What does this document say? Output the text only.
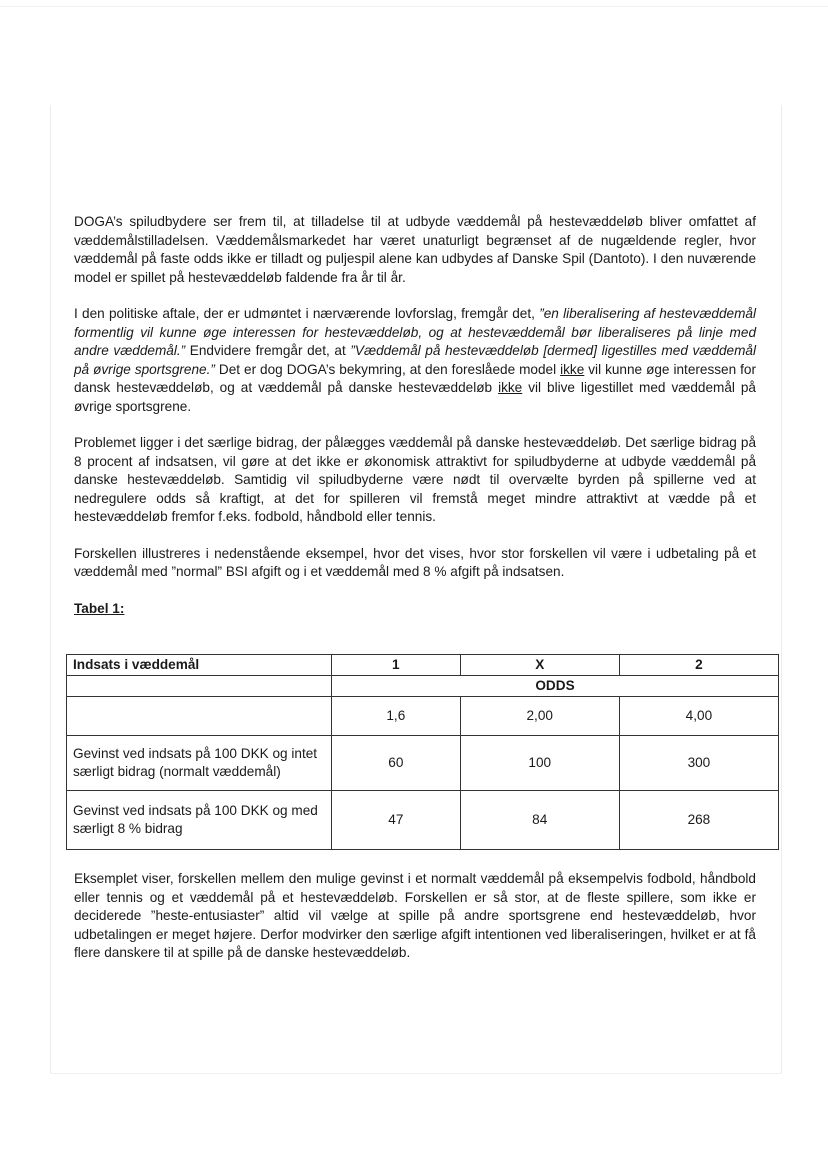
DOGA’s spiludbydere ser frem til, at tilladelse til at udbyde væddemål på hestevæddeløb bliver omfattet af væddemålstilladelsen. Væddemålsmarkedet har været unaturligt begrænset af de nugældende regler, hvor væddemål på faste odds ikke er tilladt og puljespil alene kan udbydes af Danske Spil (Dantoto). I den nuværende model er spillet på hestevæddeløb faldende fra år til år.

I den politiske aftale, der er udmøntet i nærværende lovforslag, fremgår det, ”en liberalisering af hestevæddemål formentlig vil kunne øge interessen for hestevæddeløb, og at hestevæddemål bør liberaliseres på linje med andre væddemål.” Endvidere fremgår det, at ”Væddemål på hestevæddeløb [dermed] ligestilles med væddemål på øvrige sportsgrene.” Det er dog DOGA’s bekymring, at den foreslåede model ikke vil kunne øge interessen for dansk hestevæddeløb, og at væddemål på danske hestevæddeløb ikke vil blive ligestillet med væddemål på øvrige sportsgrene.

Problemet ligger i det særlige bidrag, der pålægges væddemål på danske hestevæddeløb. Det særlige bidrag på 8 procent af indsatsen, vil gøre at det ikke er økonomisk attraktivt for spiludbyderne at udbyde væddemål på danske hestevæddeløb. Samtidig vil spiludbyderne være nødt til overvælte byrden på spillerne ved at nedregulere odds så kraftigt, at det for spilleren vil fremstå meget mindre attraktivt at vædde på et hestevæddeløb fremfor f.eks. fodbold, håndbold eller tennis.

Forskellen illustreres i nedenstående eksempel, hvor det vises, hvor stor forskellen vil være i udbetaling på et væddemål med ”normal” BSI afgift og i et væddemål med 8 % afgift på indsatsen.

Tabel 1:
Indsats i væddemål	1	X	2
	ODDS		
	1,6	2,00	4,00
Gevinst ved indsats på 100 DKK og intet særligt bidrag (normalt væddemål)	60	100	300
Gevinst ved indsats på 100 DKK og med særligt 8 % bidrag	47	84	268

Eksemplet viser, forskellen mellem den mulige gevinst i et normalt væddemål på eksempelvis fodbold, håndbold eller tennis og et væddemål på et hestevæddeløb. Forskellen er så stor, at de fleste spillere, som ikke er deciderede ”heste-entusiaster” altid vil vælge at spille på andre sportsgrene end hestevæddeløb, hvor udbetalingen er meget højere. Derfor modvirker den særlige afgift intentionen ved liberaliseringen, hvilket er at få flere danskere til at spille på de danske hestevæddeløb.
